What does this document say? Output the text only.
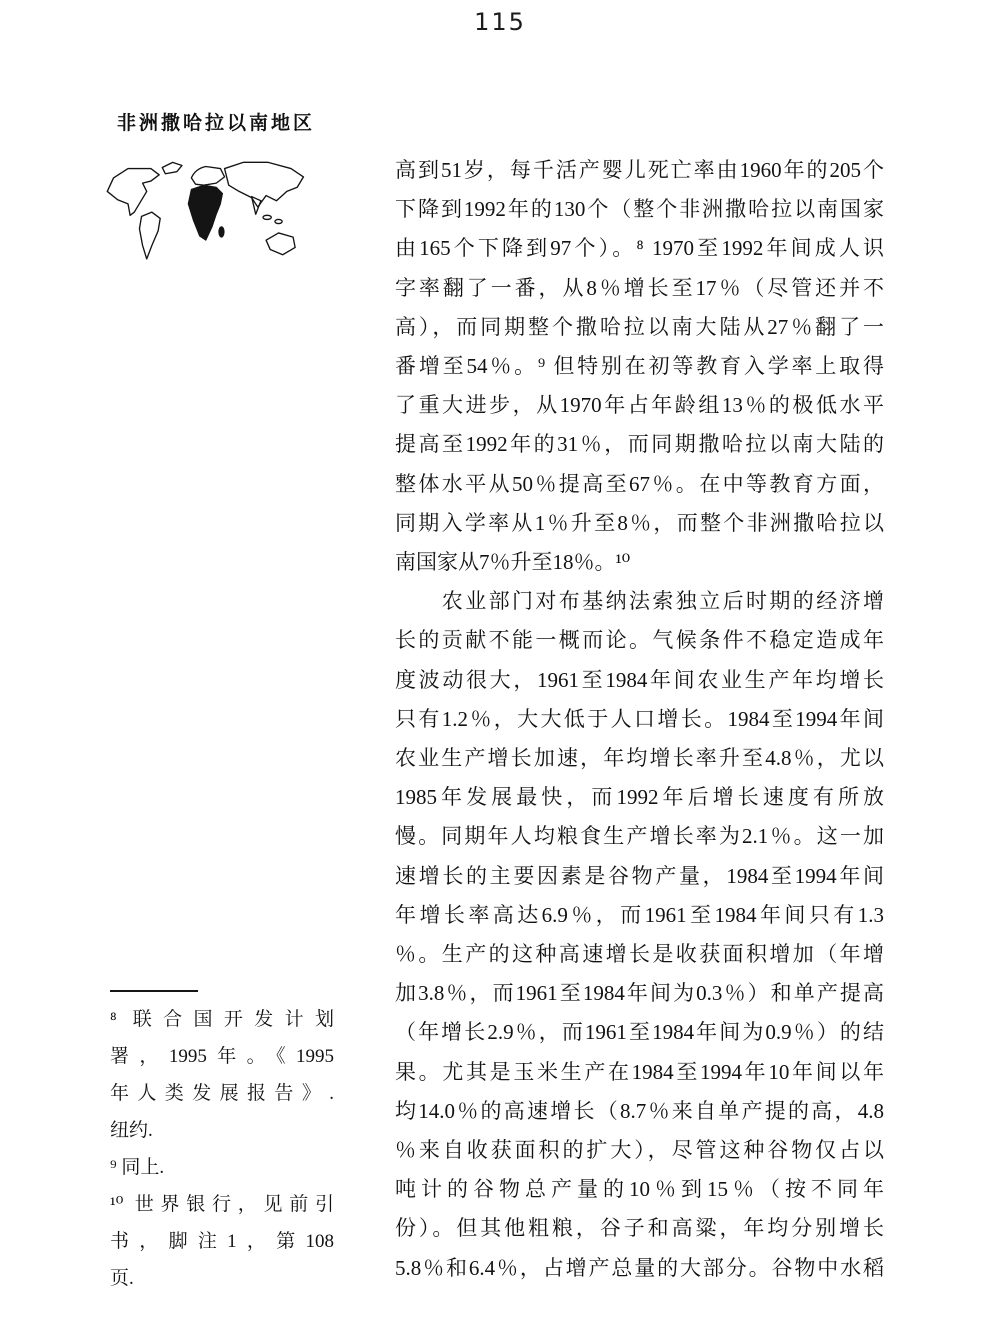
115
非洲撒哈拉以南地区
高到51岁，每千活产婴儿死亡率由1960年的205个
下降到1992年的130个（整个非洲撒哈拉以南国家
由165个下降到97个）。⁸ 1970至1992年间成人识
字率翻了一番，从8％增长至17％（尽管还并不
高），而同期整个撒哈拉以南大陆从27％翻了一
番增至54％。⁹ 但特别在初等教育入学率上取得
了重大进步，从1970年占年龄组13％的极低水平
提高至1992年的31％，而同期撒哈拉以南大陆的
整体水平从50％提高至67％。在中等教育方面，
同期入学率从1％升至8％，而整个非洲撒哈拉以
南国家从7％升至18％。¹⁰
　　农业部门对布基纳法索独立后时期的经济增
长的贡献不能一概而论。气候条件不稳定造成年
度波动很大，1961至1984年间农业生产年均增长
只有1.2％，大大低于人口增长。1984至1994年间
农业生产增长加速，年均增长率升至4.8％，尤以
1985年发展最快，而1992年后增长速度有所放
慢。同期年人均粮食生产增长率为2.1％。这一加
速增长的主要因素是谷物产量，1984至1994年间
年增长率高达6.9％，而1961至1984年间只有1.3
％。生产的这种高速增长是收获面积增加（年增
加3.8％，而1961至1984年间为0.3％）和单产提高
（年增长2.9％，而1961至1984年间为0.9％）的结
果。尤其是玉米生产在1984至1994年10年间以年
均14.0％的高速增长（8.7％来自单产提的高，4.8
％来自收获面积的扩大），尽管这种谷物仅占以
吨计的谷物总产量的10％到15％（按不同年
份）。但其他粗粮，谷子和高粱，年均分别增长
5.8％和6.4％，占增产总量的大部分。谷物中水稻
⁸ 联合国开发计划
署，1995年。《1995
年人类发展报告》.
纽约.
⁹ 同上.
¹⁰ 世界银行，见前引
书，脚注1，第108
页.
